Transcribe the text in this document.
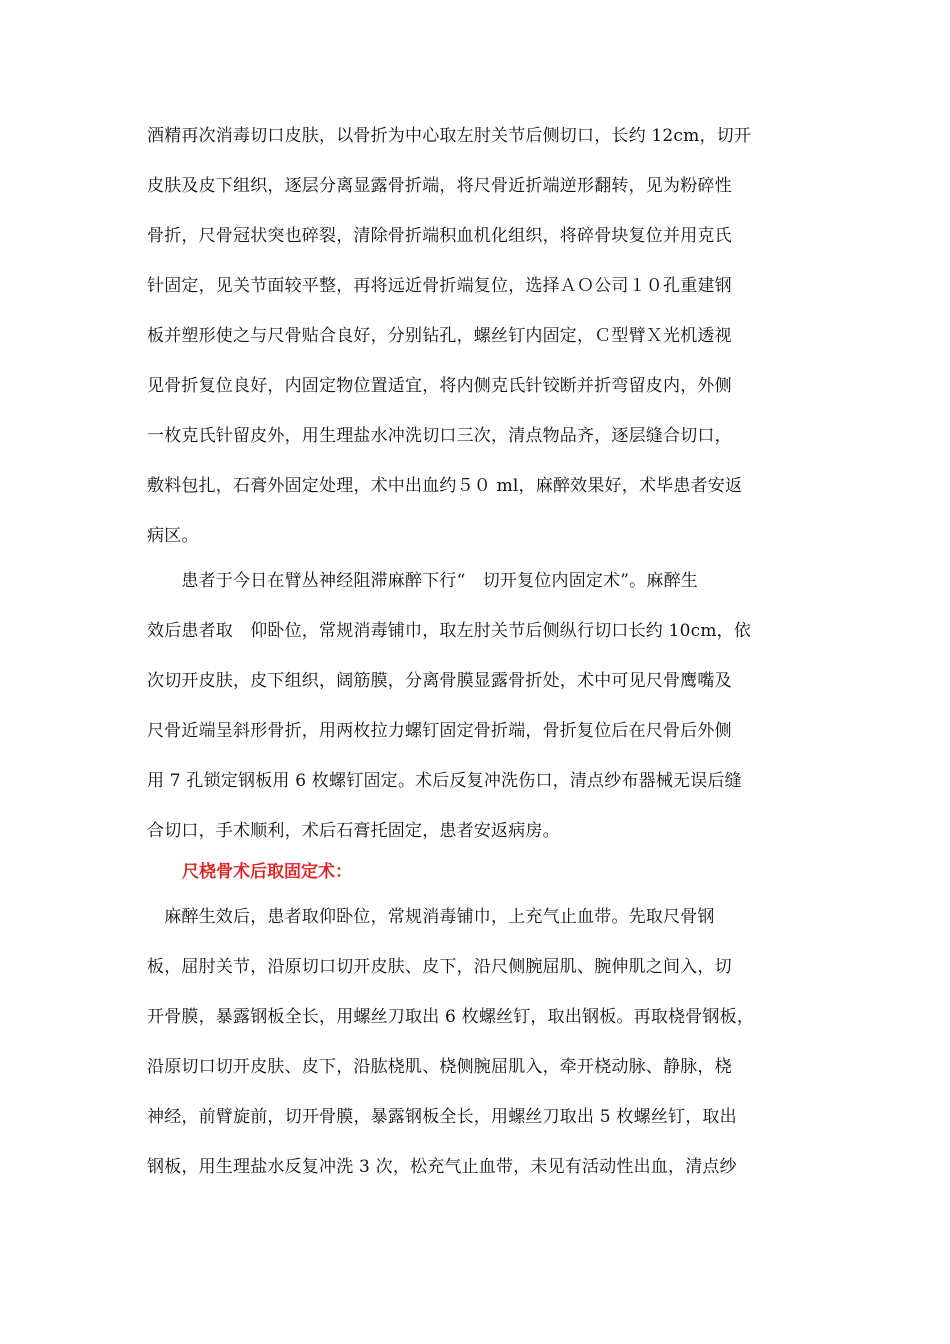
酒精再次消毒切口皮肤，以骨折为中心取左肘关节后侧切口，长约 12cm，切开
皮肤及皮下组织，逐层分离显露骨折端，将尺骨近折端逆形翻转，见为粉碎性
骨折，尺骨冠状突也碎裂，清除骨折端积血机化组织，将碎骨块复位并用克氏
针固定，见关节面较平整，再将远近骨折端复位，选择ＡＯ公司１０孔重建钢
板并塑形使之与尺骨贴合良好，分别钻孔，螺丝钉内固定，Ｃ型臂Ｘ光机透视
见骨折复位良好，内固定物位置适宜，将内侧克氏针铰断并折弯留皮内，外侧
一枚克氏针留皮外，用生理盐水冲洗切口三次，清点物品齐，逐层缝合切口，
敷料包扎，石膏外固定处理，术中出血约５０ ml，麻醉效果好，术毕患者安返
病区。
　　患者于今日在臂丛神经阻滞麻醉下行“　切开复位内固定术”。麻醉生
效后患者取　仰卧位，常规消毒铺巾，取左肘关节后侧纵行切口长约 10cm，依
次切开皮肤，皮下组织，阔筋膜，分离骨膜显露骨折处，术中可见尺骨鹰嘴及
尺骨近端呈斜形骨折，用两枚拉力螺钉固定骨折端，骨折复位后在尺骨后外侧
用 7 孔锁定钢板用 6 枚螺钉固定。术后反复冲洗伤口，清点纱布器械无误后缝
合切口，手术顺利，术后石膏托固定，患者安返病房。
尺桡骨术后取固定术：
　麻醉生效后，患者取仰卧位，常规消毒铺巾，上充气止血带。先取尺骨钢
板，屈肘关节，沿原切口切开皮肤、皮下，沿尺侧腕屈肌、腕伸肌之间入，切
开骨膜，暴露钢板全长，用螺丝刀取出 6 枚螺丝钉，取出钢板。再取桡骨钢板，
沿原切口切开皮肤、皮下，沿肱桡肌、桡侧腕屈肌入，牵开桡动脉、静脉，桡
神经，前臂旋前，切开骨膜，暴露钢板全长，用螺丝刀取出 5 枚螺丝钉，取出
钢板，用生理盐水反复冲洗 3 次，松充气止血带，未见有活动性出血，清点纱
